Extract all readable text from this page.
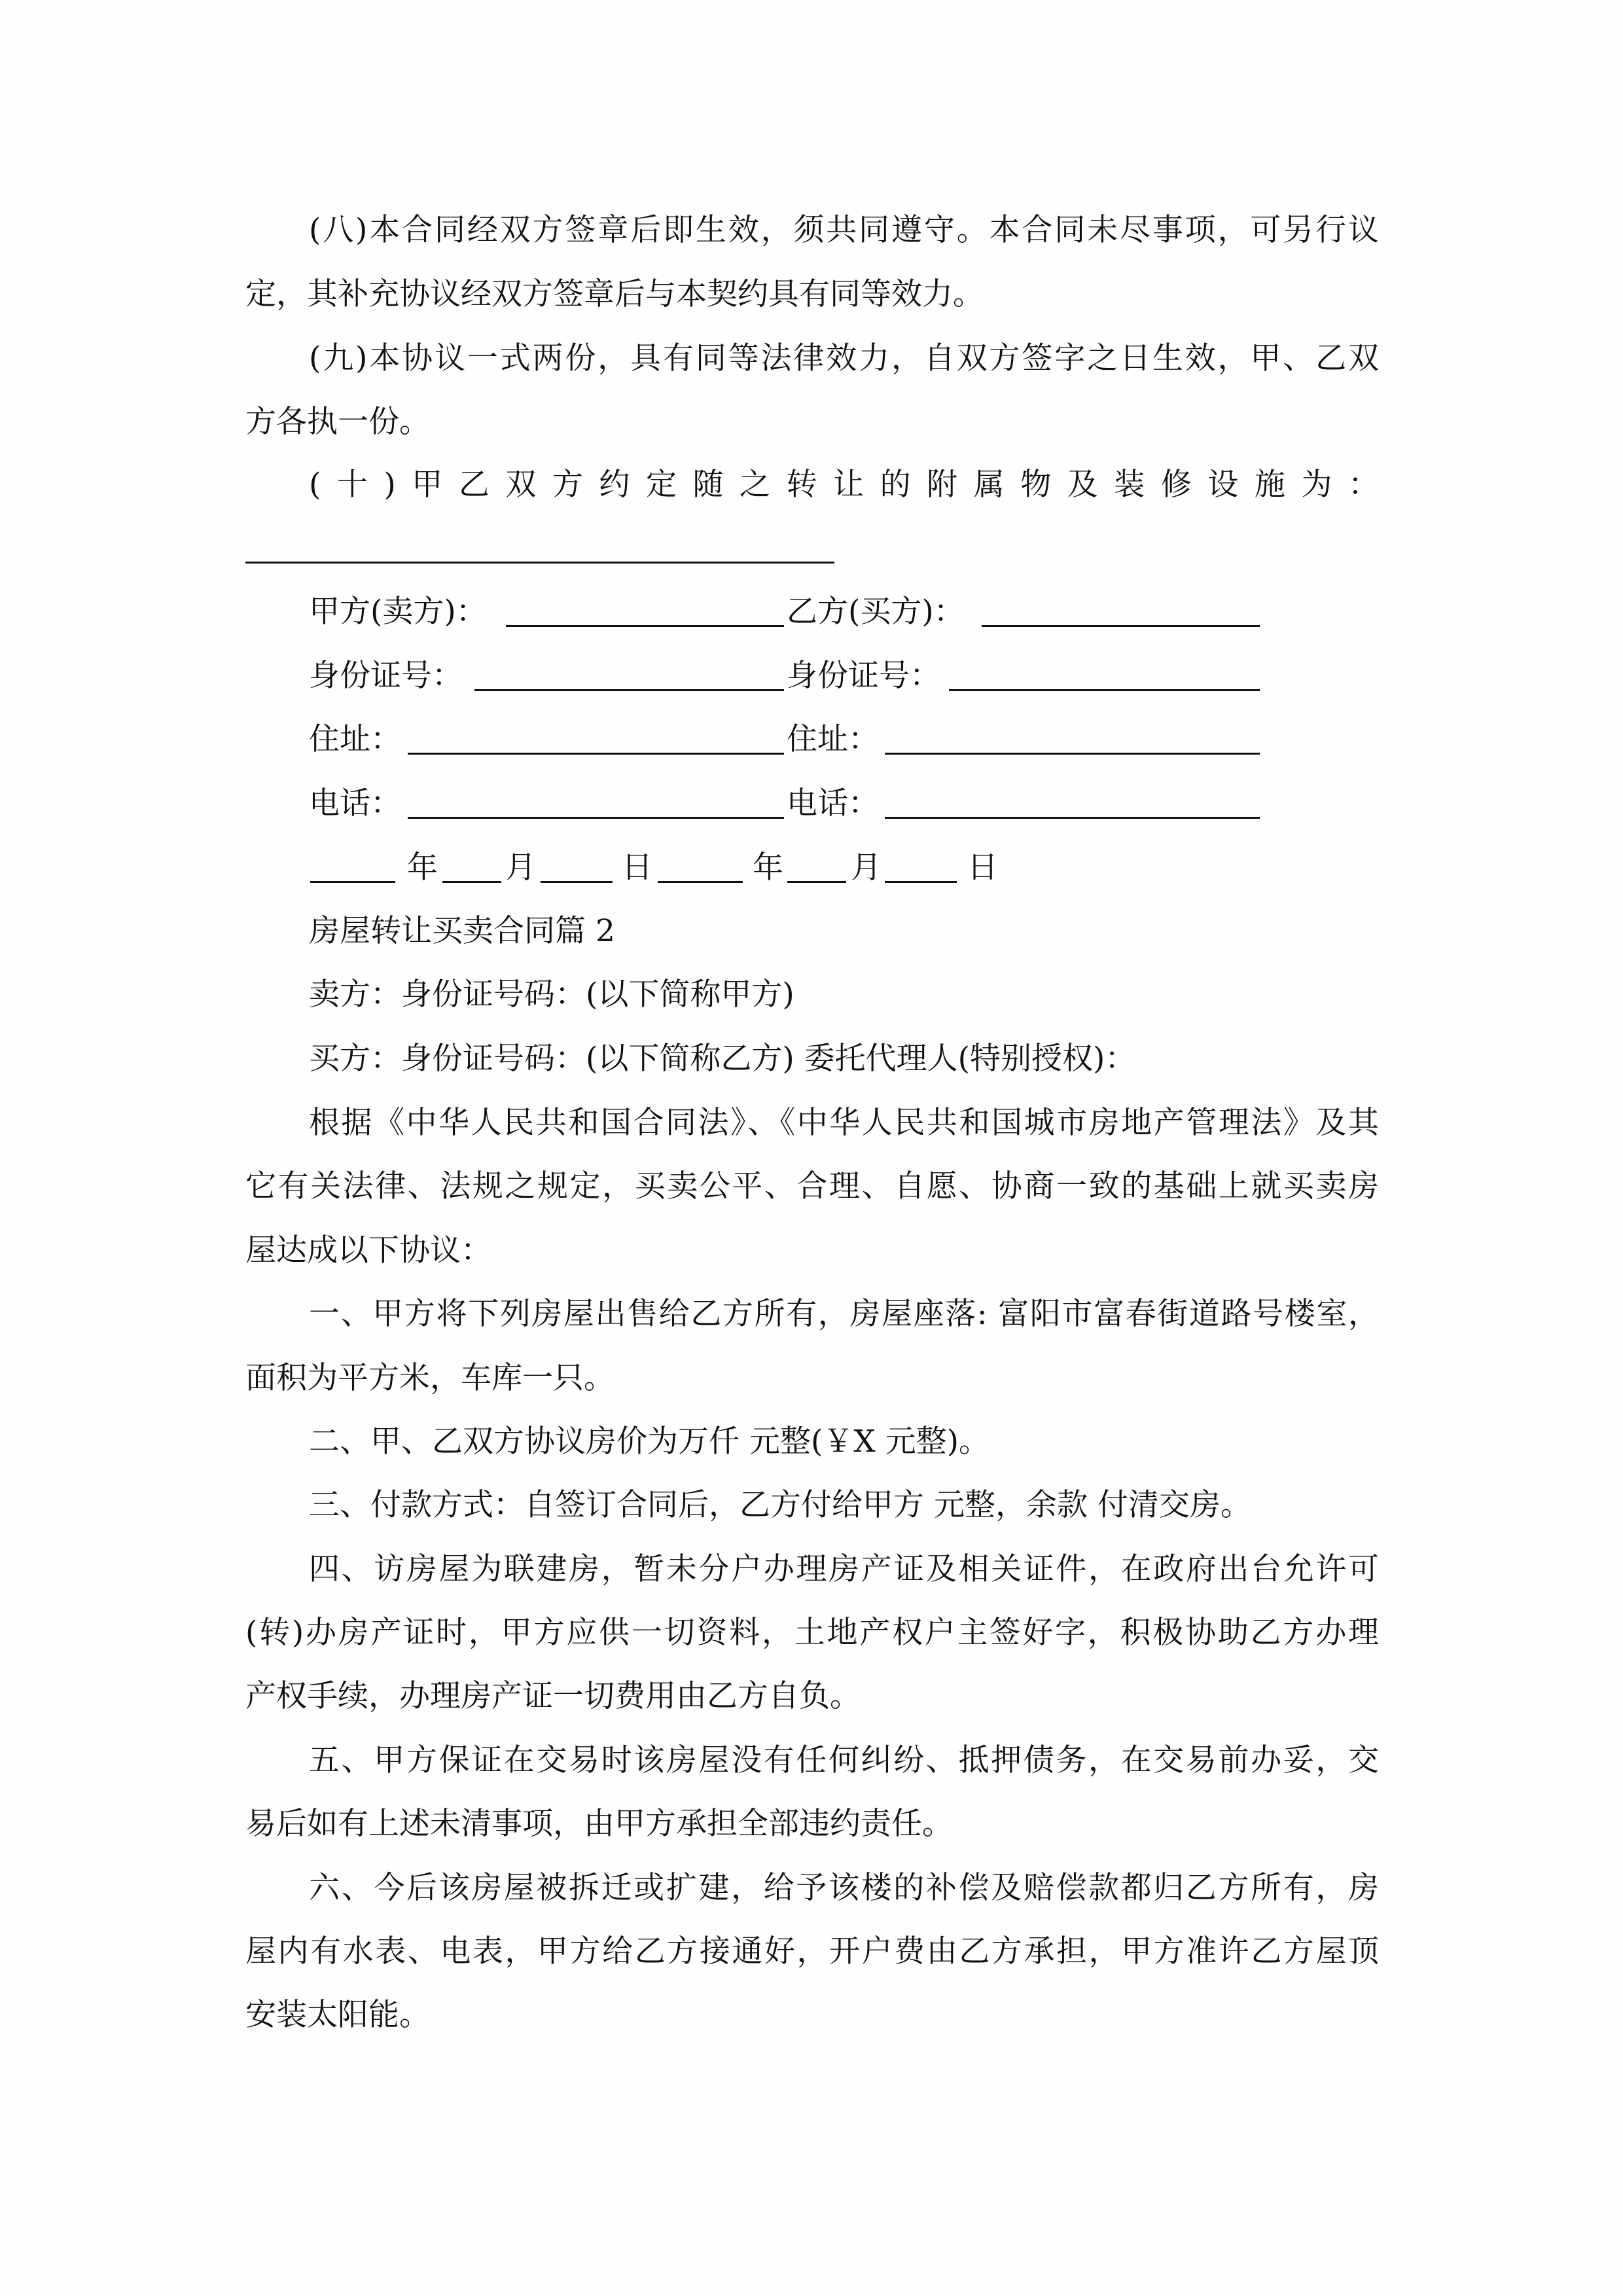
(八)本合同经双方签章后即生效，须共同遵守。本合同未尽事项，可另行议
定，其补充协议经双方签章后与本契约具有同等效力。
(九)本协议一式两份，具有同等法律效力，自双方签字之日生效，甲、乙双
方各执一份。
(十)甲乙双方约定随之转让的附属物及装修设施为：
甲方(卖方)：	乙方(买方)：
身份证号：	身份证号：
住址：	住址：
电话：	电话：
年 月	日	年 月	日
房屋转让买卖合同篇 2
卖方：身份证号码：(以下简称甲方)
买方：身份证号码：(以下简称乙方) 委托代理人(特别授权)：
根据《中华人民共和国合同法》、《中华人民共和国城市房地产管理法》及其
它有关法律、法规之规定，买卖公平、合理、自愿、协商一致的基础上就买卖房
屋达成以下协议：
一、甲方将下列房屋出售给乙方所有，房屋座落: 富阳市富春街道路号楼室，
面积为平方米，车库一只。
二、甲、乙双方协议房价为万仟 元整(￥X 元整)。
三、付款方式：自签订合同后，乙方付给甲方 元整，余款 付清交房。
四、访房屋为联建房，暂未分户办理房产证及相关证件，在政府出台允许可
(转)办房产证时，甲方应供一切资料，土地产权户主签好字，积极协助乙方办理
产权手续，办理房产证一切费用由乙方自负。
五、甲方保证在交易时该房屋没有任何纠纷、抵押债务，在交易前办妥，交
易后如有上述未清事项，由甲方承担全部违约责任。
六、今后该房屋被拆迁或扩建，给予该楼的补偿及赔偿款都归乙方所有，房
屋内有水表、电表，甲方给乙方接通好，开户费由乙方承担，甲方准许乙方屋顶
安装太阳能。
